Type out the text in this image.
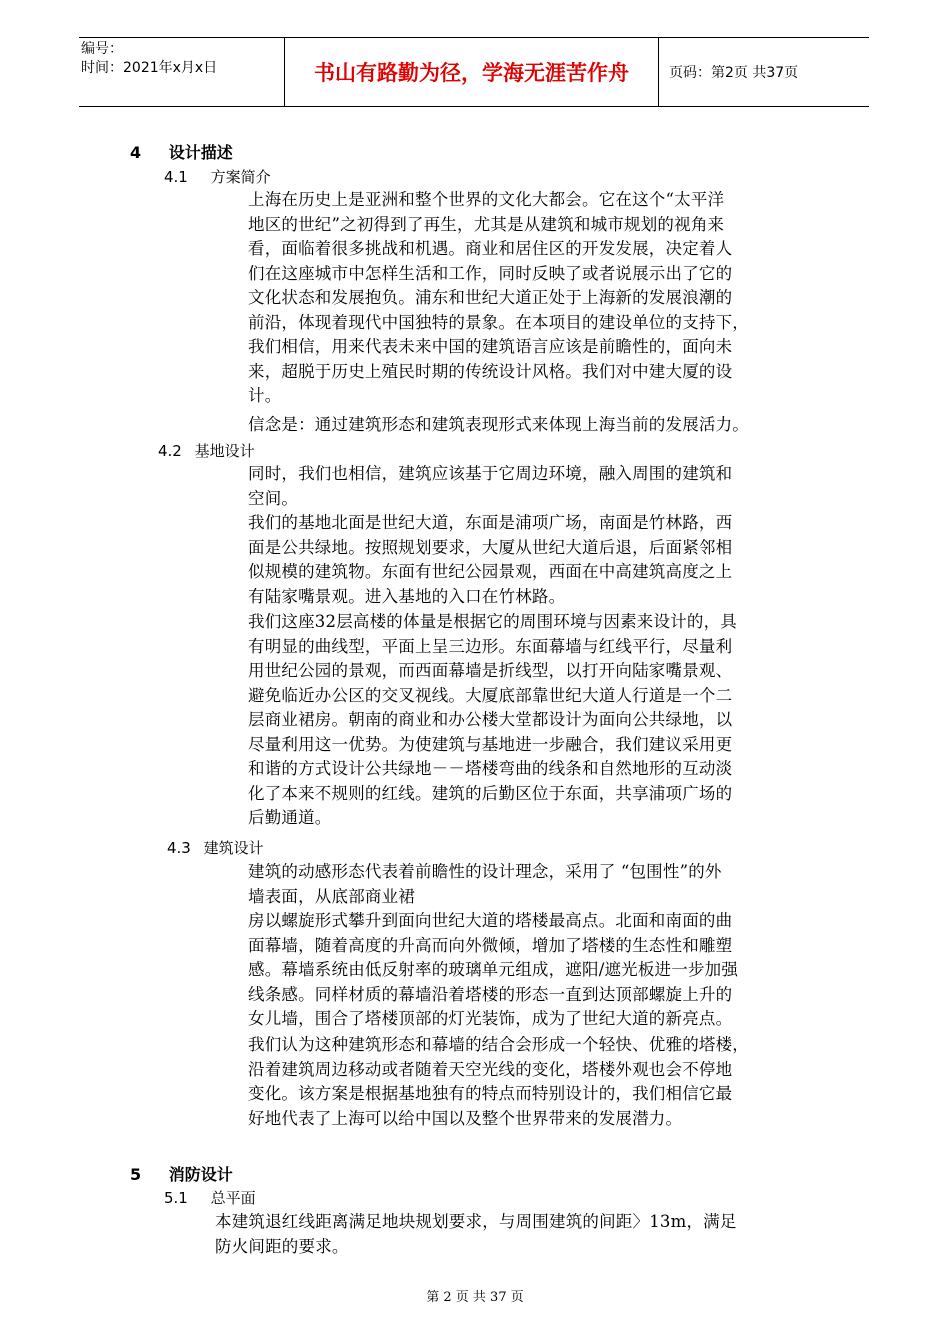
编号：
时间：2021年x月x日	书山有路勤为径，学海无涯苦作舟	页码：第2页 共37页
4 设计描述
4.1 方案简介
上海在历史上是亚洲和整个世界的文化大都会。它在这个“太平洋
地区的世纪”之初得到了再生，尤其是从建筑和城市规划的视角来
看，面临着很多挑战和机遇。商业和居住区的开发发展，决定着人
们在这座城市中怎样生活和工作，同时反映了或者说展示出了它的
文化状态和发展抱负。浦东和世纪大道正处于上海新的发展浪潮的
前沿，体现着现代中国独特的景象。在本项目的建设单位的支持下，
我们相信，用来代表未来中国的建筑语言应该是前瞻性的，面向未
来，超脱于历史上殖民时期的传统设计风格。我们对中建大厦的设
计。
信念是：通过建筑形态和建筑表现形式来体现上海当前的发展活力。
4.2 基地设计
同时，我们也相信，建筑应该基于它周边环境，融入周围的建筑和
空间。
我们的基地北面是世纪大道，东面是浦项广场，南面是竹林路，西
面是公共绿地。按照规划要求，大厦从世纪大道后退，后面紧邻相
似规模的建筑物。东面有世纪公园景观，西面在中高建筑高度之上
有陆家嘴景观。进入基地的入口在竹林路。
我们这座32层高楼的体量是根据它的周围环境与因素来设计的，具
有明显的曲线型，平面上呈三边形。东面幕墙与红线平行，尽量利
用世纪公园的景观，而西面幕墙是折线型，以打开向陆家嘴景观、
避免临近办公区的交叉视线。大厦底部靠世纪大道人行道是一个二
层商业裙房。朝南的商业和办公楼大堂都设计为面向公共绿地，以
尽量利用这一优势。为使建筑与基地进一步融合，我们建议采用更
和谐的方式设计公共绿地－－塔楼弯曲的线条和自然地形的互动淡
化了本来不规则的红线。建筑的后勤区位于东面，共享浦项广场的
后勤通道。
4.3 建筑设计
建筑的动感形态代表着前瞻性的设计理念，采用了 “包围性”的外
墙表面，从底部商业裙
房以螺旋形式攀升到面向世纪大道的塔楼最高点。北面和南面的曲
面幕墙，随着高度的升高而向外微倾，增加了塔楼的生态性和雕塑
感。幕墙系统由低反射率的玻璃单元组成，遮阳/遮光板进一步加强
线条感。同样材质的幕墙沿着塔楼的形态一直到达顶部螺旋上升的
女儿墙，围合了塔楼顶部的灯光装饰，成为了世纪大道的新亮点。
我们认为这种建筑形态和幕墙的结合会形成一个轻快、优雅的塔楼，
沿着建筑周边移动或者随着天空光线的变化，塔楼外观也会不停地
变化。该方案是根据基地独有的特点而特别设计的，我们相信它最
好地代表了上海可以给中国以及整个世界带来的发展潜力。
5 消防设计
5.1 总平面
本建筑退红线距离满足地块规划要求，与周围建筑的间距〉13m，满足
防火间距的要求。
第 2 页 共 37 页
